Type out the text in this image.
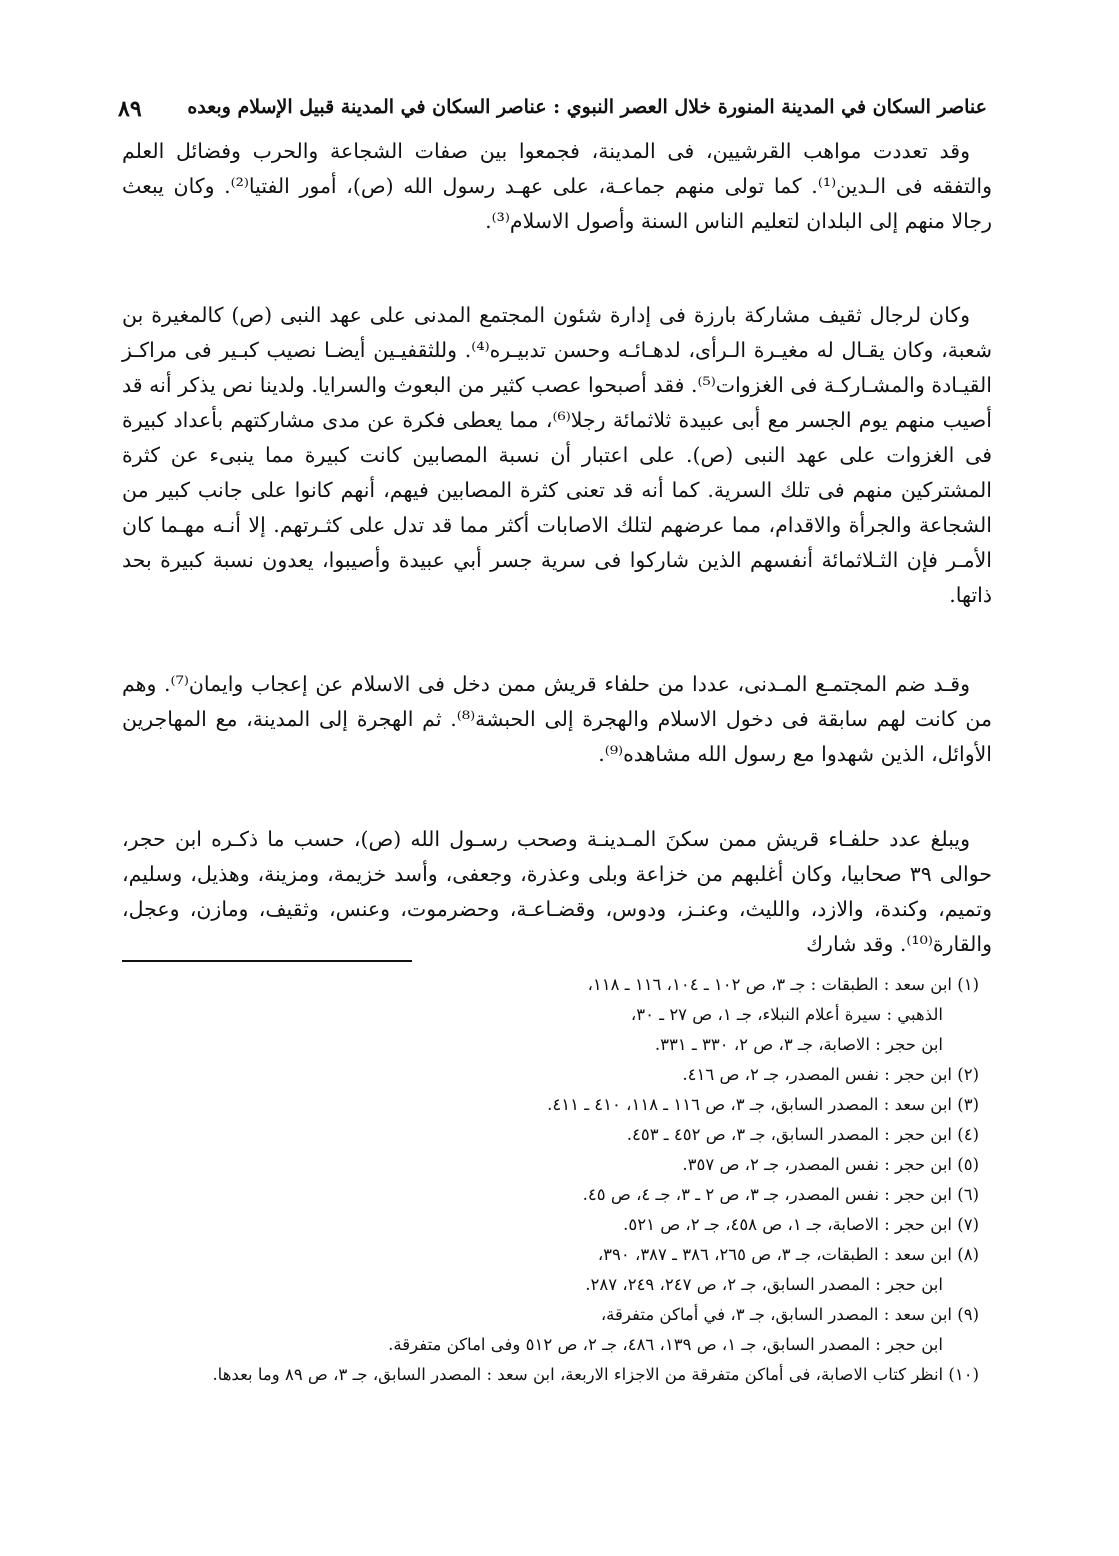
٨٩ عناصر السكان في المدينة المنورة خلال العصر النبوي : عناصر السكان في المدينة قبيل الإسلام وبعده

وقد تعددت مواهب القرشيين، فى المدينة، فجمعوا بين صفات الشجاعة والحرب وفضائل العلم والتفقه فى الـدين⁽¹⁾. كما تولى منهم جماعـة، على عهـد رسول الله (ص)، أمور الفتيا⁽²⁾. وكان يبعث رجالا منهم إلى البلدان لتعليم الناس السنة وأصول الاسلام⁽³⁾.

وكان لرجال ثقيف مشاركة بارزة فى إدارة شئون المجتمع المدنى على عهد النبى (ص) كالمغيرة بن شعبة، وكان يقـال له مغيـرة الـرأى، لدهـائـه وحسن تدبيـره⁽⁴⁾. وللثقفيـين أيضـا نصيب كبـير فى مراكـز القيـادة والمشـاركـة فى الغزوات⁽⁵⁾. فقد أصبحوا عصب كثير من البعوث والسرايا. ولدينا نص يذكر أنه قد أصيب منهم يوم الجسر مع أبى عبيدة ثلاثمائة رجلا⁽⁶⁾، مما يعطى فكرة عن مدى مشاركتهم بأعداد كبيرة فى الغزوات على عهد النبى (ص). على اعتبار أن نسبة المصابين كانت كبيرة مما ينبىء عن كثرة المشتركين منهم فى تلك السرية. كما أنه قد تعنى كثرة المصابين فيهم، أنهم كانوا على جانب كبير من الشجاعة والجرأة والاقدام، مما عرضهم لتلك الاصابات أكثر مما قد تدل على كثـرتهم. إلا أنـه مهـما كان الأمـر فإن الثـلاثمائة أنفسهم الذين شاركوا فى سرية جسر أبي عبيدة وأصيبوا، يعدون نسبة كبيرة بحد ذاتها.

وقـد ضم المجتمـع المـدنى، عددا من حلفاء قريش ممن دخل فى الاسلام عن إعجاب وايمان⁽⁷⁾. وهم من كانت لهم سابقة فى دخول الاسلام والهجرة إلى الحبشة⁽⁸⁾. ثم الهجرة إلى المدينة، مع المهاجرين الأوائل، الذين شهدوا مع رسول الله مشاهده⁽⁹⁾.

ويبلغ عدد حلفـاء قريش ممن سكنَ المـدينـة وصحب رسـول الله (ص)، حسب ما ذكـره ابن حجر، حوالى ٣٩ صحابيا، وكان أغلبهم من خزاعة وبلى وعذرة، وجعفى، وأسد خزيمة، ومزينة، وهذيل، وسليم، وتميم، وكندة، والازد، والليث، وعنـز، ودوس، وقضـاعـة، وحضرموت، وعنس، وثقيف، ومازن، وعجل، والقارة⁽¹⁰⁾. وقد شارك

(١) ابن سعد : الطبقات : جـ ٣، ص ١٠٢ ـ ١٠٤، ١١٦ ـ ١١٨،
الذهبي : سيرة أعلام النبلاء، جـ ١، ص ٢٧ ـ ٣٠،
ابن حجر : الاصابة، جـ ٣، ص ٢، ٣٣٠ ـ ٣٣١.
(٢) ابن حجر : نفس المصدر، جـ ٢، ص ٤١٦.
(٣) ابن سعد : المصدر السابق، جـ ٣، ص ١١٦ ـ ١١٨، ٤١٠ ـ ٤١١.
(٤) ابن حجر : المصدر السابق، جـ ٣، ص ٤٥٢ ـ ٤٥٣.
(٥) ابن حجر : نفس المصدر، جـ ٢، ص ٣٥٧.
(٦) ابن حجر : نفس المصدر، جـ ٣، ص ٢ ـ ٣، جـ ٤، ص ٤٥.
(٧) ابن حجر : الاصابة، جـ ١، ص ٤٥٨، جـ ٢، ص ٥٢١.
(٨) ابن سعد : الطبقات، جـ ٣، ص ٢٦٥، ٣٨٦ ـ ٣٨٧، ٣٩٠،
ابن حجر : المصدر السابق، جـ ٢، ص ٢٤٧، ٢٤٩، ٢٨٧.
(٩) ابن سعد : المصدر السابق، جـ ٣، في أماكن متفرقة،
ابن حجر : المصدر السابق، جـ ١، ص ١٣٩، ٤٨٦، جـ ٢، ص ٥١٢ وفى اماكن متفرقة.
(١٠) انظر كتاب الاصابة، فى أماكن متفرقة من الاجزاء الاربعة، ابن سعد : المصدر السابق، جـ ٣، ص ٨٩ وما بعدها.
